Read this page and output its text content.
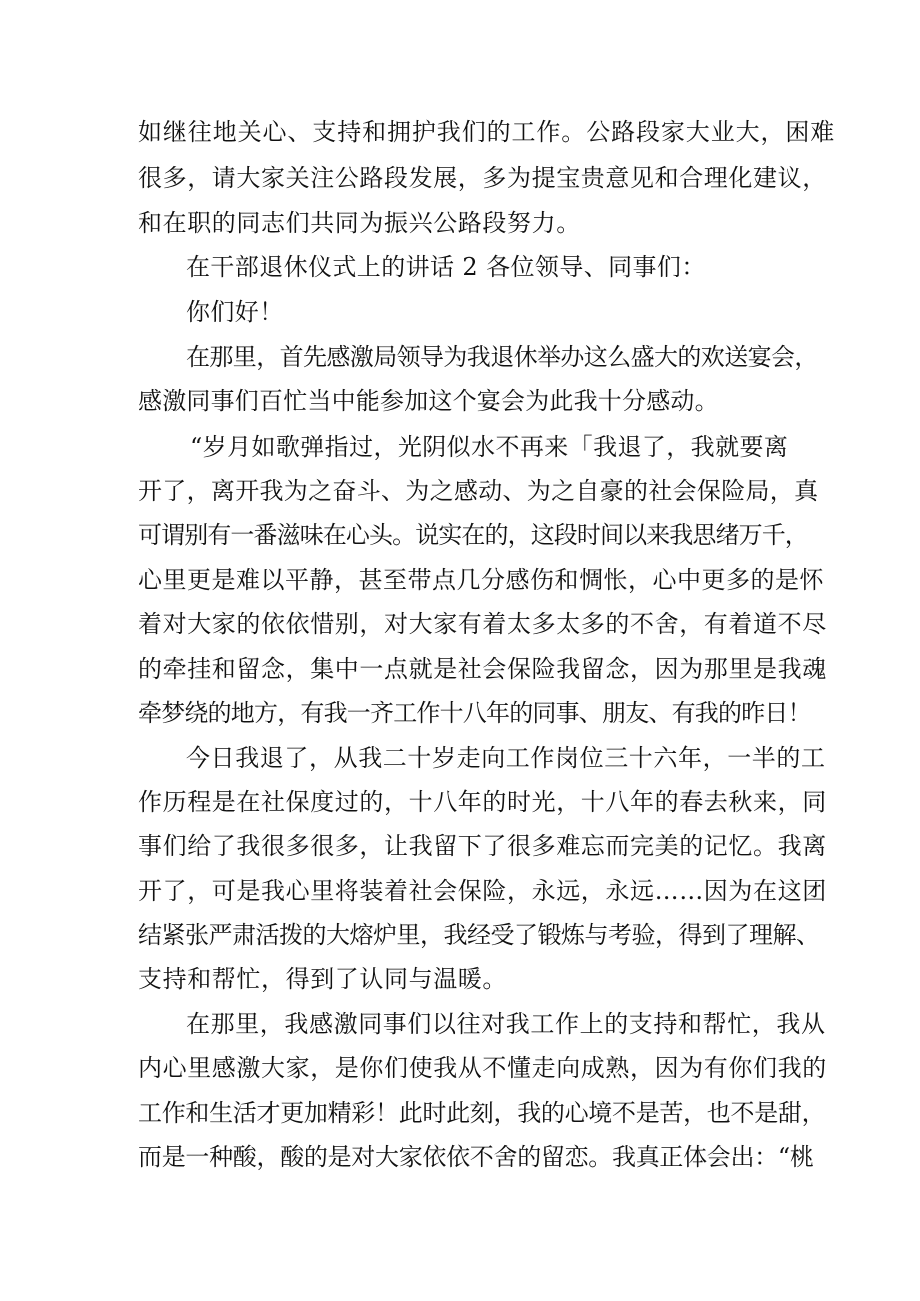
如继往地关心、支持和拥护我们的工作。公路段家大业大，困难
很多，请大家关注公路段发展，多为提宝贵意见和合理化建议，
和在职的同志们共同为振兴公路段努力。
在干部退休仪式上的讲话 2 各位领导、同事们：
你们好！
在那里，首先感激局领导为我退休举办这么盛大的欢送宴会，
感激同事们百忙当中能参加这个宴会为此我十分感动。
“岁月如歌弹指过，光阴似水不再来「我退了，我就要离
开了，离开我为之奋斗、为之感动、为之自豪的社会保险局，真
可谓别有一番滋味在心头。说实在的，这段时间以来我思绪万千，
心里更是难以平静，甚至带点几分感伤和惆怅，心中更多的是怀
着对大家的依依惜别，对大家有着太多太多的不舍，有着道不尽
的牵挂和留念，集中一点就是社会保险我留念，因为那里是我魂
牵梦绕的地方，有我一齐工作十八年的同事、朋友、有我的昨日！
今日我退了，从我二十岁走向工作岗位三十六年，一半的工
作历程是在社保度过的，十八年的时光，十八年的春去秋来，同
事们给了我很多很多，让我留下了很多难忘而完美的记忆。我离
开了，可是我心里将装着社会保险，永远，永远……因为在这团
结紧张严肃活拨的大熔炉里，我经受了锻炼与考验，得到了理解、
支持和帮忙，得到了认同与温暖。
在那里，我感激同事们以往对我工作上的支持和帮忙，我从
内心里感激大家，是你们使我从不懂走向成熟，因为有你们我的
工作和生活才更加精彩！此时此刻，我的心境不是苦，也不是甜，
而是一种酸，酸的是对大家依依不舍的留恋。我真正体会出：“桃
